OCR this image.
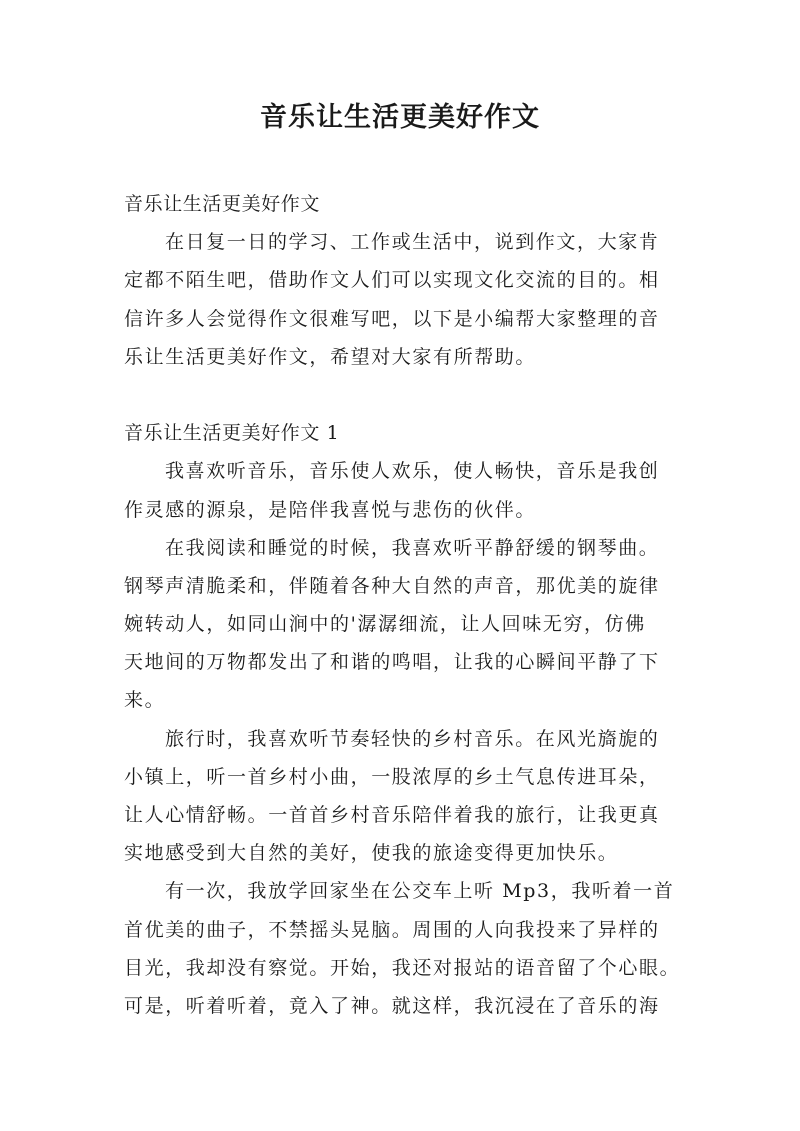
音乐让生活更美好作文
音乐让生活更美好作文
在日复一日的学习、工作或生活中，说到作文，大家肯
定都不陌生吧，借助作文人们可以实现文化交流的目的。相
信许多人会觉得作文很难写吧，以下是小编帮大家整理的音
乐让生活更美好作文，希望对大家有所帮助。
音乐让生活更美好作文 1
我喜欢听音乐，音乐使人欢乐，使人畅快，音乐是我创
作灵感的源泉，是陪伴我喜悦与悲伤的伙伴。
在我阅读和睡觉的时候，我喜欢听平静舒缓的钢琴曲。
钢琴声清脆柔和，伴随着各种大自然的声音，那优美的旋律
婉转动人，如同山涧中的'潺潺细流，让人回味无穷，仿佛
天地间的万物都发出了和谐的鸣唱，让我的心瞬间平静了下
来。
旅行时，我喜欢听节奏轻快的乡村音乐。在风光旖旎的
小镇上，听一首乡村小曲，一股浓厚的乡土气息传进耳朵，
让人心情舒畅。一首首乡村音乐陪伴着我的旅行，让我更真
实地感受到大自然的美好，使我的旅途变得更加快乐。
有一次，我放学回家坐在公交车上听 Mp3，我听着一首
首优美的曲子，不禁摇头晃脑。周围的人向我投来了异样的
目光，我却没有察觉。开始，我还对报站的语音留了个心眼。
可是，听着听着，竟入了神。就这样，我沉浸在了音乐的海
